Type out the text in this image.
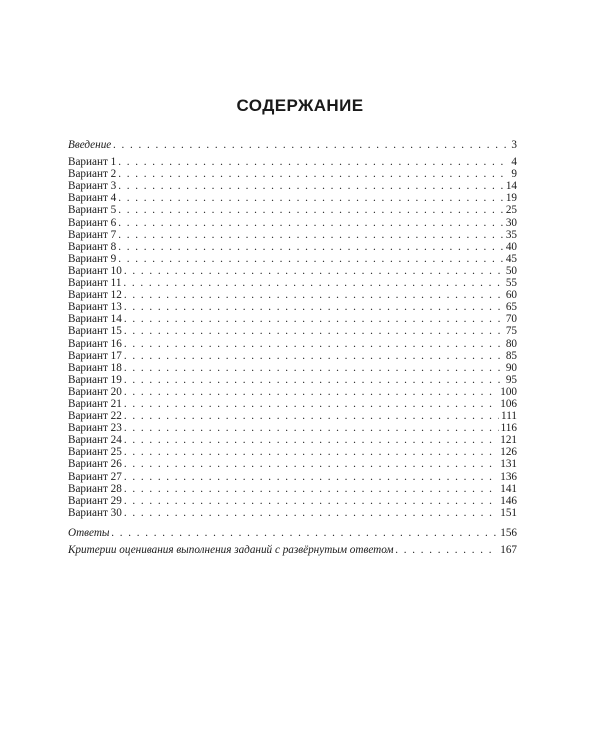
СОДЕРЖАНИЕ
Введение . . .	3
Вариант 1 . . .	4
Вариант 2 . . .	9
Вариант 3 . . .	14
Вариант 4 . . .	19
Вариант 5 . . .	25
Вариант 6 . . .	30
Вариант 7 . . .	35
Вариант 8 . . .	40
Вариант 9 . . .	45
Вариант 10 . . .	50
Вариант 11 . . .	55
Вариант 12 . . .	60
Вариант 13 . . .	65
Вариант 14 . . .	70
Вариант 15 . . .	75
Вариант 16 . . .	80
Вариант 17 . . .	85
Вариант 18 . . .	90
Вариант 19 . . .	95
Вариант 20 . . .	100
Вариант 21 . . .	106
Вариант 22 . . .	111
Вариант 23 . . .	116
Вариант 24 . . .	121
Вариант 25 . . .	126
Вариант 26 . . .	131
Вариант 27 . . .	136
Вариант 28 . . .	141
Вариант 29 . . .	146
Вариант 30 . . .	151
Ответы . . .	156
Критерии оценивания выполнения заданий с развёрнутым ответом . . .	167
